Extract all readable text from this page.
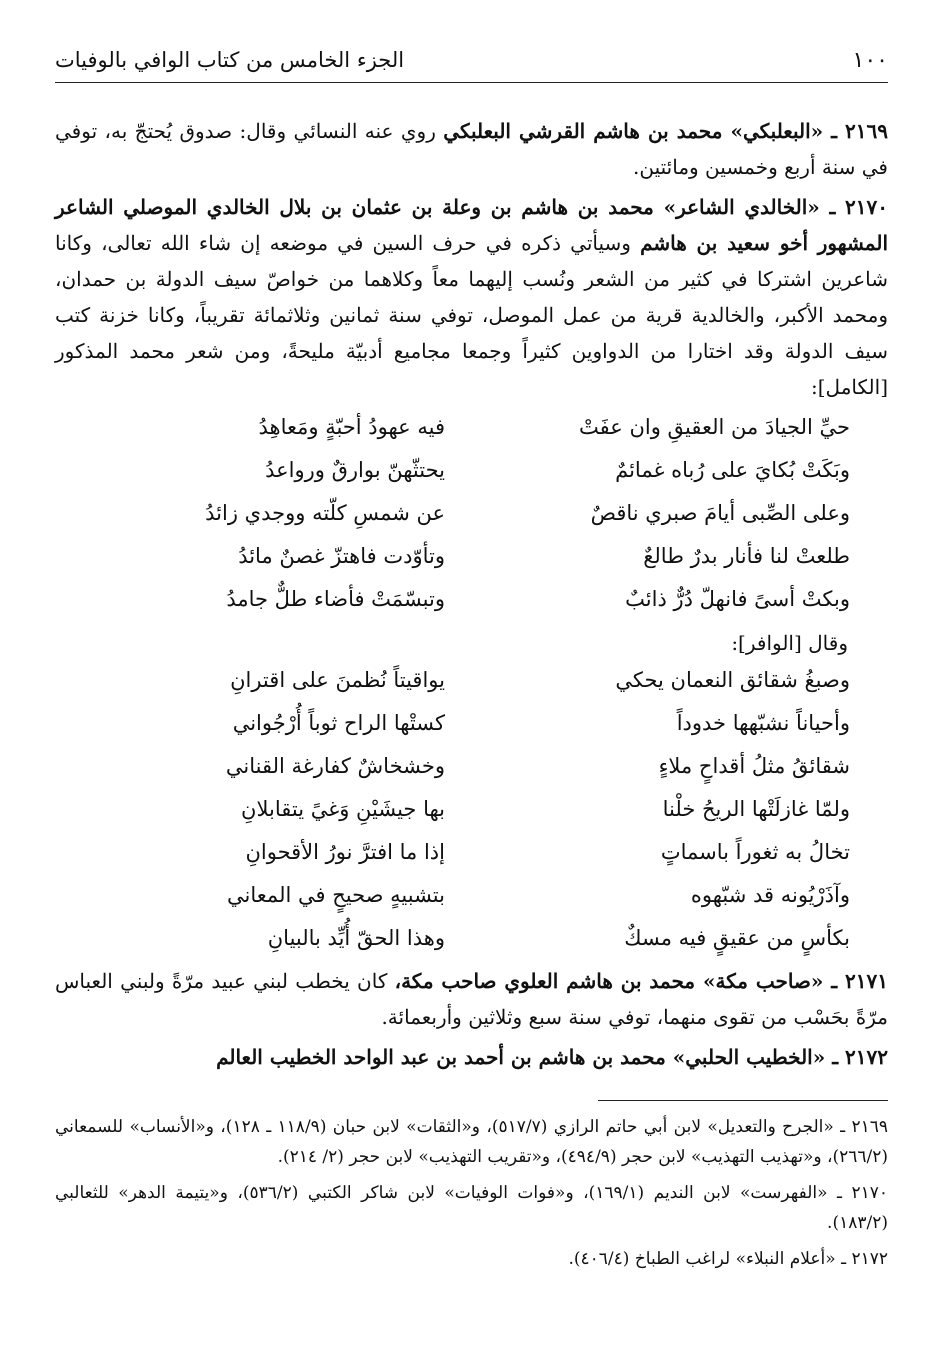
١٠٠
الجزء الخامس من كتاب الوافي بالوفيات

٢١٦٩ ـ «البعلبكي» محمد بن هاشم القرشي البعلبكي روي عنه النسائي وقال: صدوق يُحتجّ به، توفي في سنة أربع وخمسين ومائتين.

٢١٧٠ ـ «الخالدي الشاعر» محمد بن هاشم بن وعلة بن عثمان بن بلال الخالدي الموصلي الشاعر المشهور أخو سعيد بن هاشم وسيأتي ذكره في حرف السين في موضعه إن شاء الله تعالى، وكانا شاعرين اشتركا في كثير من الشعر ونُسب إليهما معاً وكلاهما من خواصّ سيف الدولة بن حمدان، ومحمد الأكبر، والخالدية قرية من عمل الموصل، توفي سنة ثمانين وثلاثمائة تقريباً، وكانا خزنة كتب سيف الدولة وقد اختارا من الدواوين كثيراً وجمعا مجاميع أدبيّة مليحةً، ومن شعر محمد المذكور [الكامل]:

حيِّ الجيادَ من العقيقِ وان عفَتْ
فيه عهودُ أحبّةٍ ومَعاهِدُ
وبَكَتْ بُكايَ على رُباه غمائمٌ
يحتثّهنّ بوارقٌ ورواعدُ
وعلى الصِّبى أيامَ صبري ناقصٌ
عن شمسِ كلّته ووجدي زائدُ
طلعتْ لنا فأنار بدرٌ طالعٌ
وتأوّدت فاهتزّ غصنٌ مائدُ
وبكتْ أسىً فانهلّ دُرٌّ ذائبٌ
وتبسّمَتْ فأضاء طلٌّ جامدُ
وقال [الوافر]:
وصبغُ شقائق النعمان يحكي
يواقيتاً نُظمنَ على اقترانِ
وأحياناً نشبّهها خدوداً
كستْها الراح ثوباً أُرْجُواني
شقائقُ مثلُ أقداحٍ ملاءٍ
وخشخاشٌ كفارغة القناني
ولمّا غازلَتْها الريحُ خلْنا
بها جيشَيْنِ وَغيً يتقابلانِ
تخالُ به ثغوراً باسماتٍ
إذا ما افترَّ نورُ الأقحوانِ
وآذَرْيُونه قد شبّهوه
بتشبيهٍ صحيحٍ في المعاني
بكأسٍ من عقيقٍ فيه مسكٌ
وهذا الحقّ أُيِّد بالبيانِ

٢١٧١ ـ «صاحب مكة» محمد بن هاشم العلوي صاحب مكة، كان يخطب لبني عبيد مرّةً ولبني العباس مرّةً بحَسْب من تقوى منهما، توفي سنة سبع وثلاثين وأربعمائة.

٢١٧٢ ـ «الخطيب الحلبي» محمد بن هاشم بن أحمد بن عبد الواحد الخطيب العالم

٢١٦٩ ـ «الجرح والتعديل» لابن أبي حاتم الرازي (٥١٧/٧)، و«الثقات» لابن حبان (١١٨/٩ ـ ١٢٨)، و«الأنساب» للسمعاني (٢٦٦/٢)، و«تهذيب التهذيب» لابن حجر (٤٩٤/٩)، و«تقريب التهذيب» لابن حجر (٢/ ٢١٤).

٢١٧٠ ـ «الفهرست» لابن النديم (١٦٩/١)، و«فوات الوفيات» لابن شاكر الكتبي (٥٣٦/٢)، و«يتيمة الدهر» للثعالبي (١٨٣/٢).

٢١٧٢ ـ «أعلام النبلاء» لراغب الطباخ (٤٠٦/٤).
